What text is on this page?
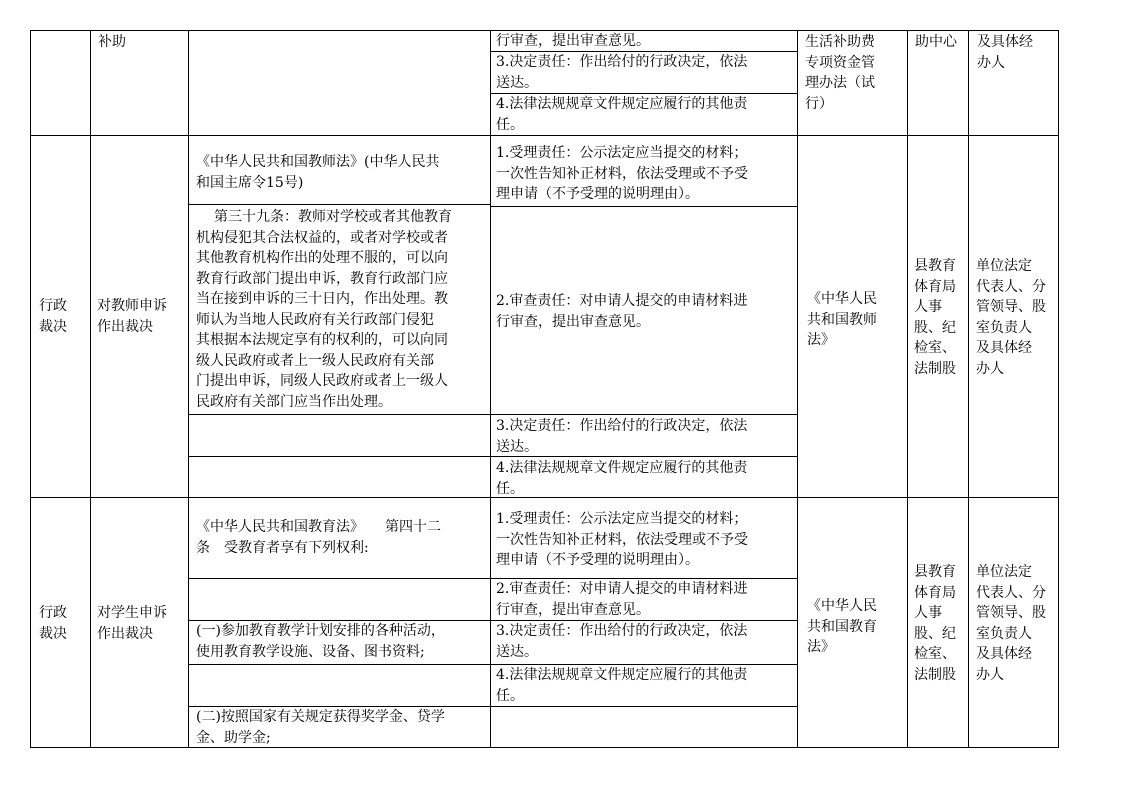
补助	行审查，提出审查意见。
3.决定责任：作出给付的行政决定，依法
送达。
4.法律法规规章文件规定应履行的其他责
任。
生活补助费
专项资金管
理办法（试
行）
助中心 及具体经
办人
行政
裁决
对教师申诉
作出裁决
《中华人民共和国教师法》(中华人民共
和国主席令15号)
第三十九条：教师对学校或者其他教育
机构侵犯其合法权益的，或者对学校或者
其他教育机构作出的处理不服的，可以向
教育行政部门提出申诉，教育行政部门应
当在接到申诉的三十日内，作出处理。教
师认为当地人民政府有关行政部门侵犯
其根据本法规定享有的权利的，可以向同
级人民政府或者上一级人民政府有关部
门提出申诉，同级人民政府或者上一级人
民政府有关部门应当作出处理。
1.受理责任：公示法定应当提交的材料；
一次性告知补正材料，依法受理或不予受
理申请（不予受理的说明理由）。
2.审查责任：对申请人提交的申请材料进
行审查，提出审查意见。
3.决定责任：作出给付的行政决定，依法
送达。
4.法律法规规章文件规定应履行的其他责
任。
《中华人民
共和国教师
法》
县教育
体育局
人事
股、纪
检室、
法制股
单位法定
代表人、分
管领导、股
室负责人
及具体经
办人
行政
裁决
对学生申诉
作出裁决
《中华人民共和国教育法》　　第四十二
条　受教育者享有下列权利:
(一)参加教育教学计划安排的各种活动，
使用教育教学设施、设备、图书资料;
(二)按照国家有关规定获得奖学金、贷学
金、助学金;
1.受理责任：公示法定应当提交的材料；
一次性告知补正材料，依法受理或不予受
理申请（不予受理的说明理由）。
2.审查责任：对申请人提交的申请材料进
行审查，提出审查意见。
3.决定责任：作出给付的行政决定，依法
送达。
4.法律法规规章文件规定应履行的其他责
任。
《中华人民
共和国教育
法》
县教育
体育局
人事
股、纪
检室、
法制股
单位法定
代表人、分
管领导、股
室负责人
及具体经
办人
